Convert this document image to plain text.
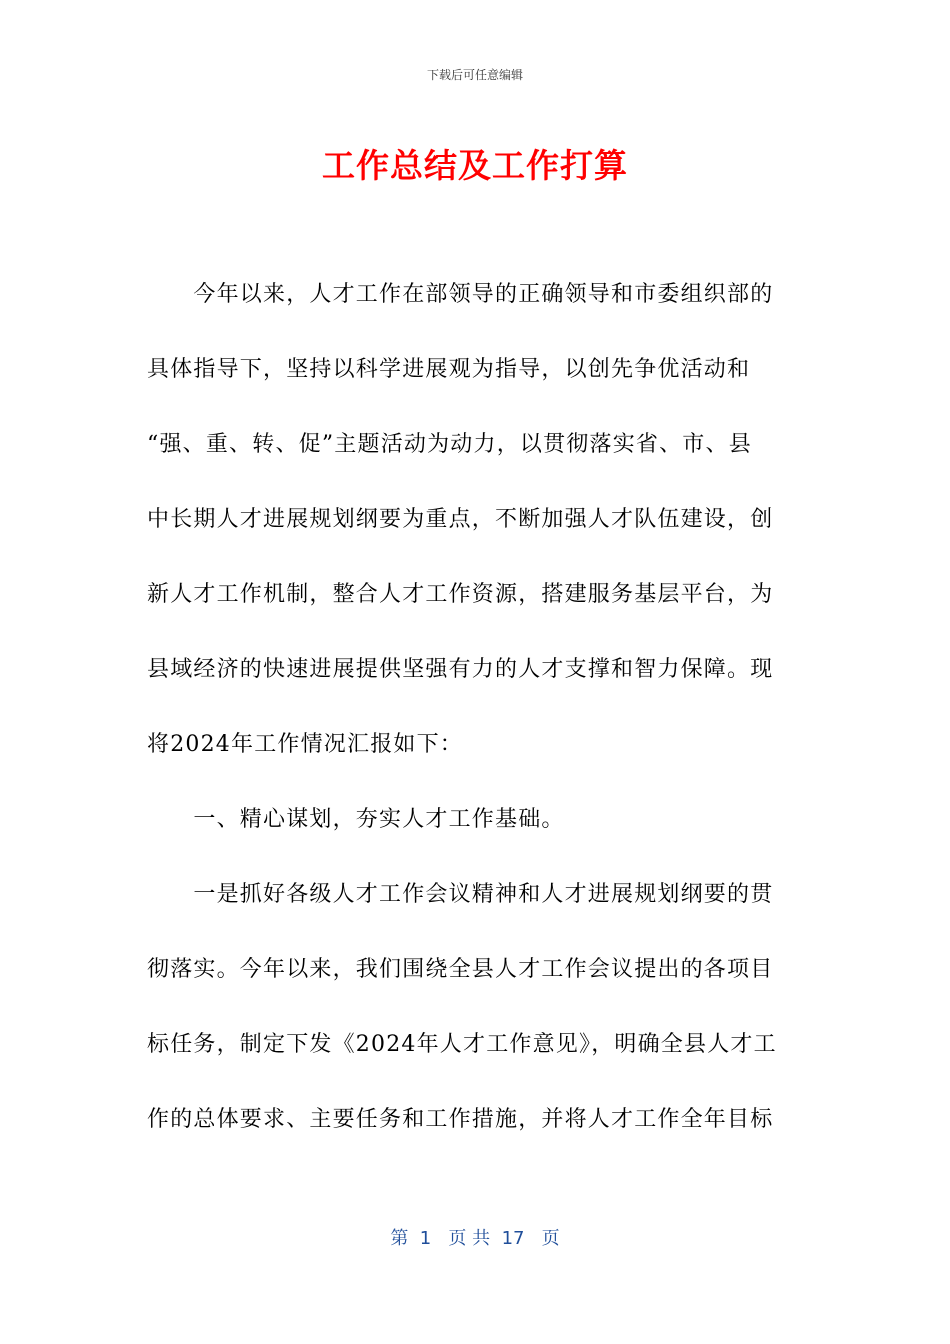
下载后可任意编辑
工作总结及工作打算
　　今年以来，人才工作在部领导的正确领导和市委组织部的
具体指导下，坚持以科学进展观为指导，以创先争优活动和
“强、重、转、促”主题活动为动力，以贯彻落实省、市、县
中长期人才进展规划纲要为重点，不断加强人才队伍建设，创
新人才工作机制，整合人才工作资源，搭建服务基层平台，为
县域经济的快速进展提供坚强有力的人才支撑和智力保障。现
将2024年工作情况汇报如下：
　　一、精心谋划，夯实人才工作基础。
　　一是抓好各级人才工作会议精神和人才进展规划纲要的贯
彻落实。今年以来，我们围绕全县人才工作会议提出的各项目
标任务，制定下发《2024年人才工作意见》，明确全县人才工
作的总体要求、主要任务和工作措施，并将人才工作全年目标
第  1   页 共  17   页
